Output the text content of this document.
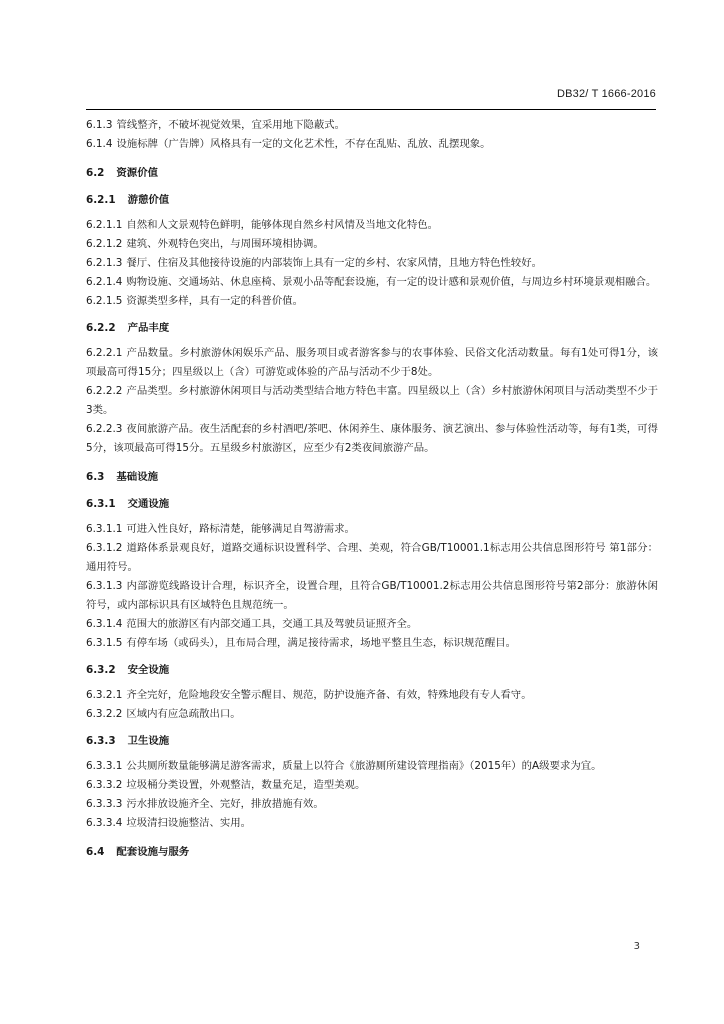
DB32/ T 1666-2016
6.1.3 管线整齐，不破坏视觉效果，宜采用地下隐蔽式。
6.1.4 设施标牌（广告牌）风格具有一定的文化艺术性，不存在乱贴、乱放、乱摆现象。
6.2 资源价值
6.2.1 游憩价值
6.2.1.1 自然和人文景观特色鲜明，能够体现自然乡村风情及当地文化特色。
6.2.1.2 建筑、外观特色突出，与周围环境相协调。
6.2.1.3 餐厅、住宿及其他接待设施的内部装饰上具有一定的乡村、农家风情，且地方特色性较好。
6.2.1.4 购物设施、交通场站、休息座椅、景观小品等配套设施，有一定的设计感和景观价值，与周边乡村环境景观相融合。
6.2.1.5 资源类型多样，具有一定的科普价值。
6.2.2 产品丰度
6.2.2.1 产品数量。乡村旅游休闲娱乐产品、服务项目或者游客参与的农事体验、民俗文化活动数量。每有1处可得1分，该项最高可得15分；四星级以上（含）可游览或体验的产品与活动不少于8处。
6.2.2.2 产品类型。乡村旅游休闲项目与活动类型结合地方特色丰富。四星级以上（含）乡村旅游休闲项目与活动类型不少于3类。
6.2.2.3 夜间旅游产品。夜生活配套的乡村酒吧/茶吧、休闲养生、康体服务、演艺演出、参与体验性活动等，每有1类，可得5分，该项最高可得15分。五星级乡村旅游区，应至少有2类夜间旅游产品。
6.3 基础设施
6.3.1 交通设施
6.3.1.1 可进入性良好，路标清楚，能够满足自驾游需求。
6.3.1.2 道路体系景观良好，道路交通标识设置科学、合理、美观，符合GB/T10001.1标志用公共信息图形符号 第1部分：通用符号。
6.3.1.3 内部游览线路设计合理，标识齐全，设置合理，且符合GB/T10001.2标志用公共信息图形符号第2部分：旅游休闲符号，或内部标识具有区域特色且规范统一。
6.3.1.4 范围大的旅游区有内部交通工具，交通工具及驾驶员证照齐全。
6.3.1.5 有停车场（或码头），且布局合理，满足接待需求，场地平整且生态，标识规范醒目。
6.3.2 安全设施
6.3.2.1 齐全完好，危险地段安全警示醒目、规范，防护设施齐备、有效，特殊地段有专人看守。
6.3.2.2 区域内有应急疏散出口。
6.3.3 卫生设施
6.3.3.1 公共厕所数量能够满足游客需求，质量上以符合《旅游厕所建设管理指南》（2015年）的A级要求为宜。
6.3.3.2 垃圾桶分类设置，外观整洁，数量充足，造型美观。
6.3.3.3 污水排放设施齐全、完好，排放措施有效。
6.3.3.4 垃圾清扫设施整洁、实用。
6.4 配套设施与服务
3
